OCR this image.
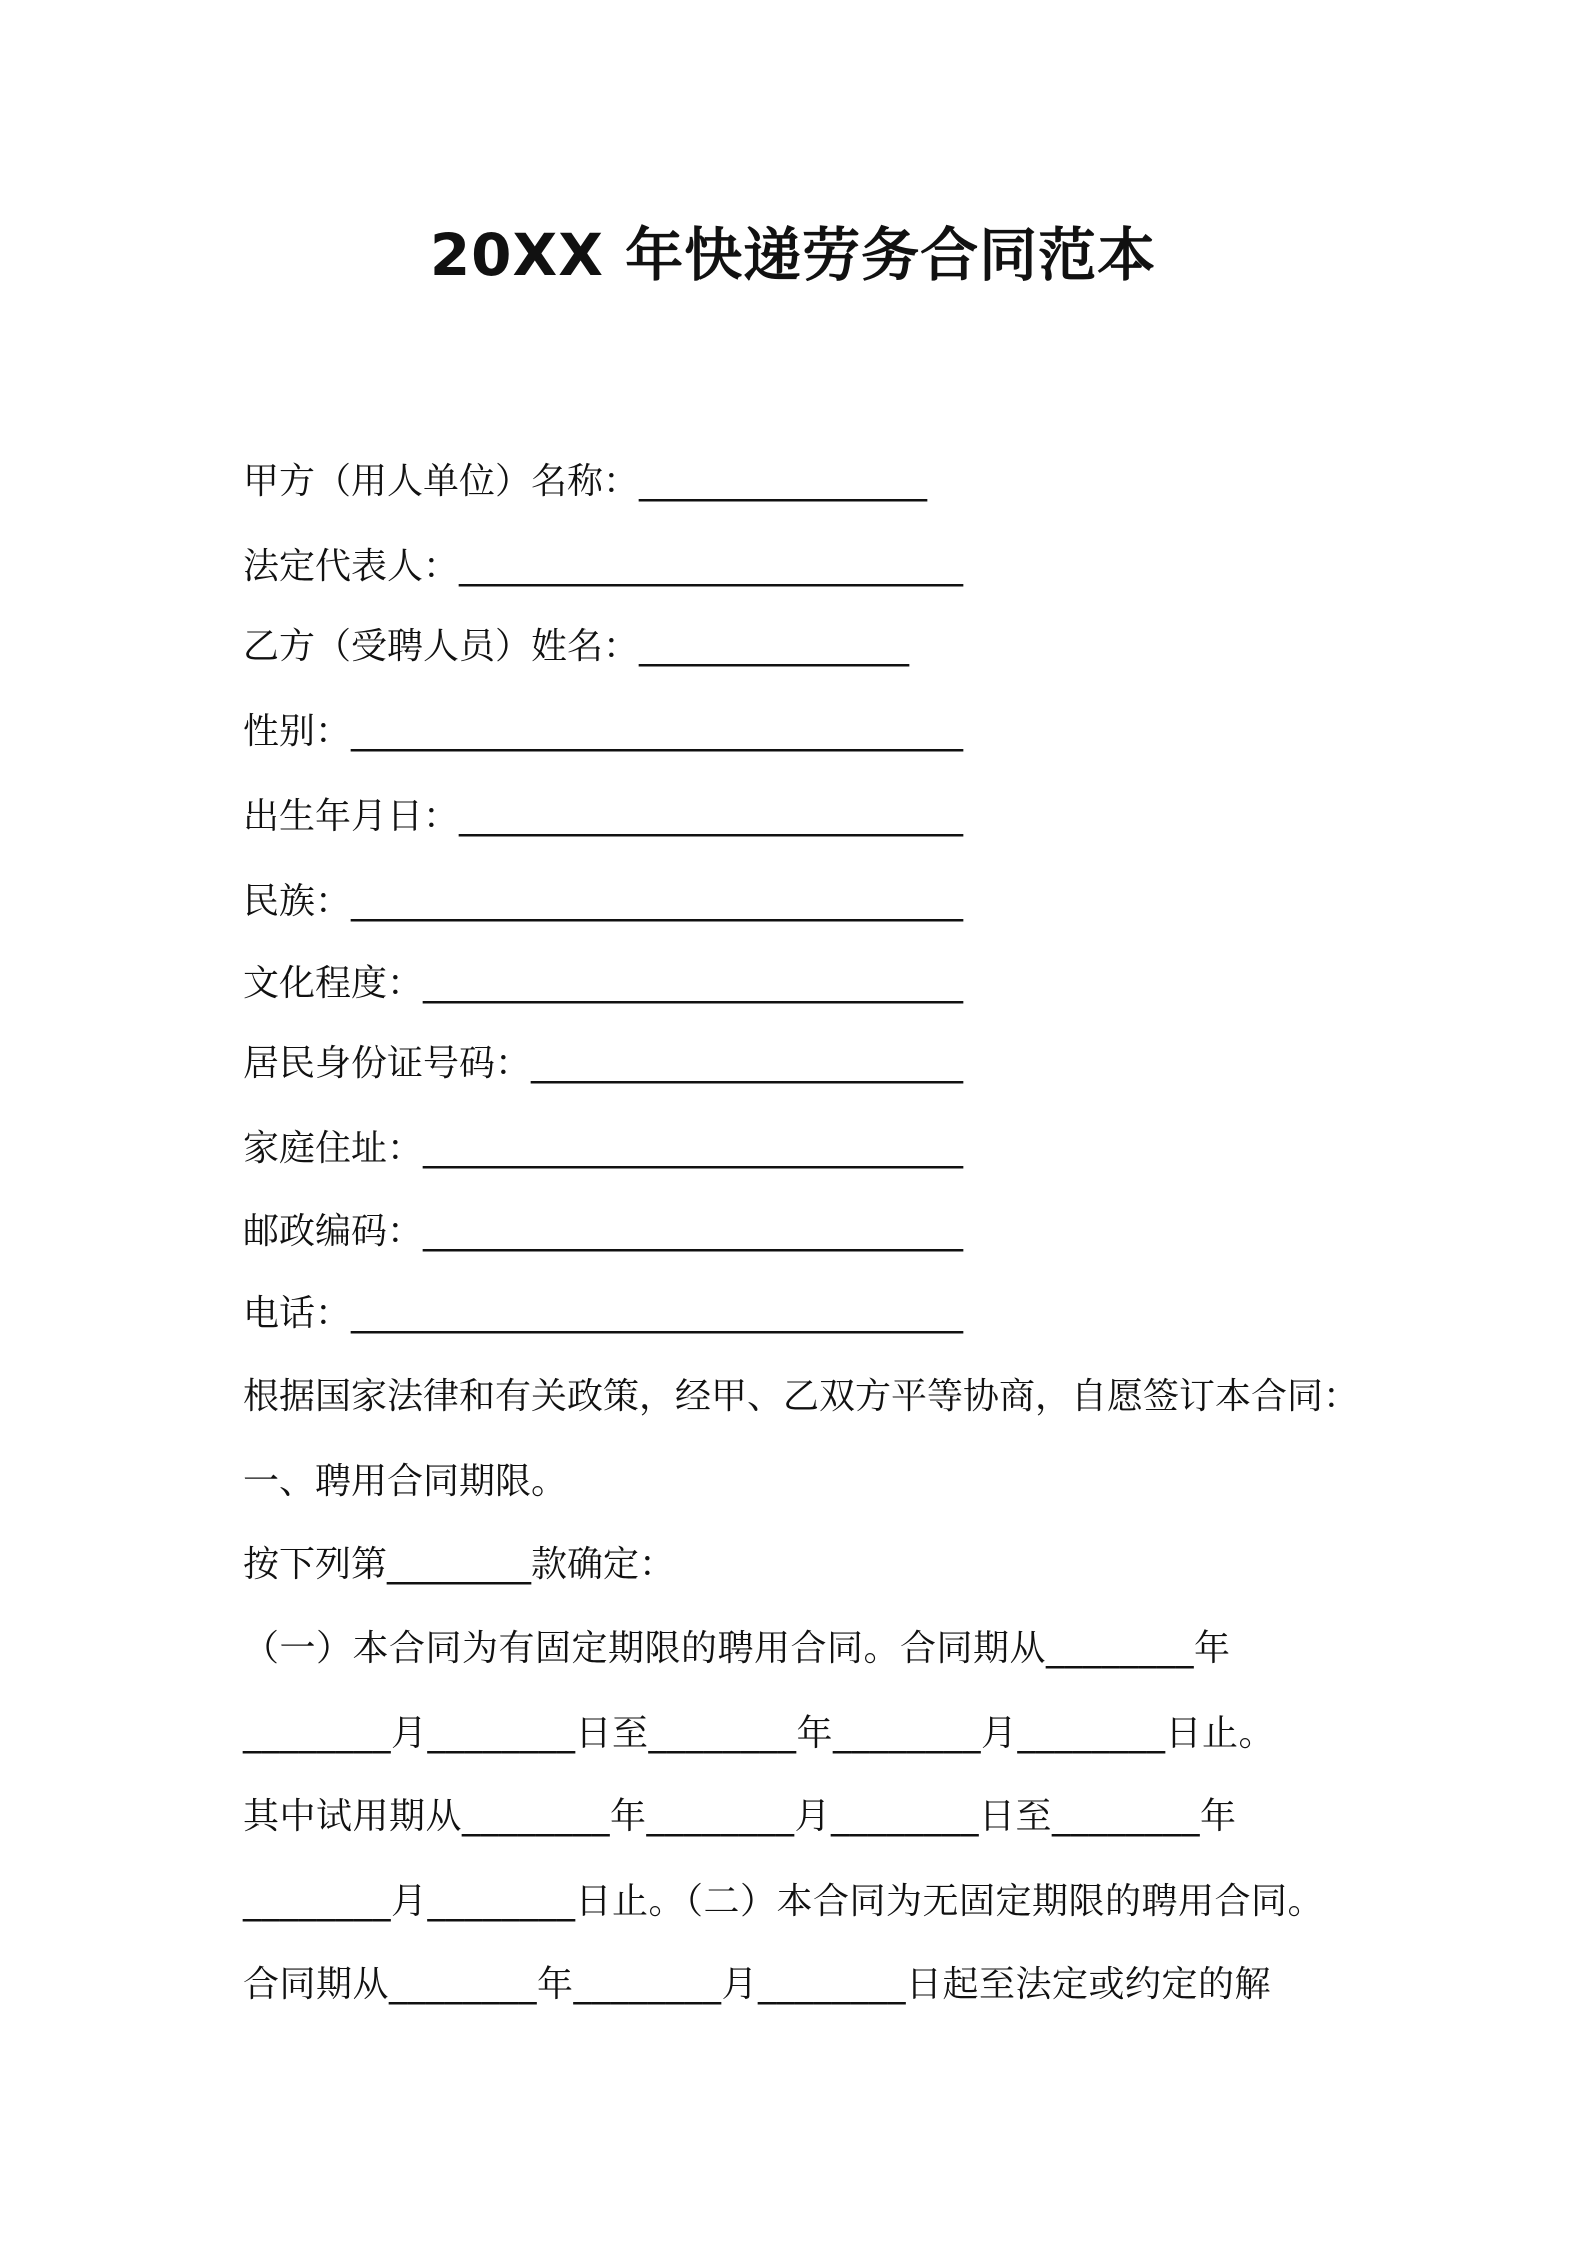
20XX 年快递劳务合同范本
甲方（用人单位）名称：________________
法定代表人：____________________________
乙方（受聘人员）姓名：_______________
性别：__________________________________
出生年月日：____________________________
民族：__________________________________
文化程度：______________________________
居民身份证号码：________________________
家庭住址：______________________________
邮政编码：______________________________
电话：__________________________________
根据国家法律和有关政策，经甲、乙双方平等协商，自愿签订本合同：
一、聘用合同期限。
按下列第________款确定：
（一）本合同为有固定期限的聘用合同。合同期从________年
________月________日至________年________月________日止。
其中试用期从________年________月________日至________年
________月________日止。（二）本合同为无固定期限的聘用合同。
合同期从________年________月________日起至法定或约定的解
